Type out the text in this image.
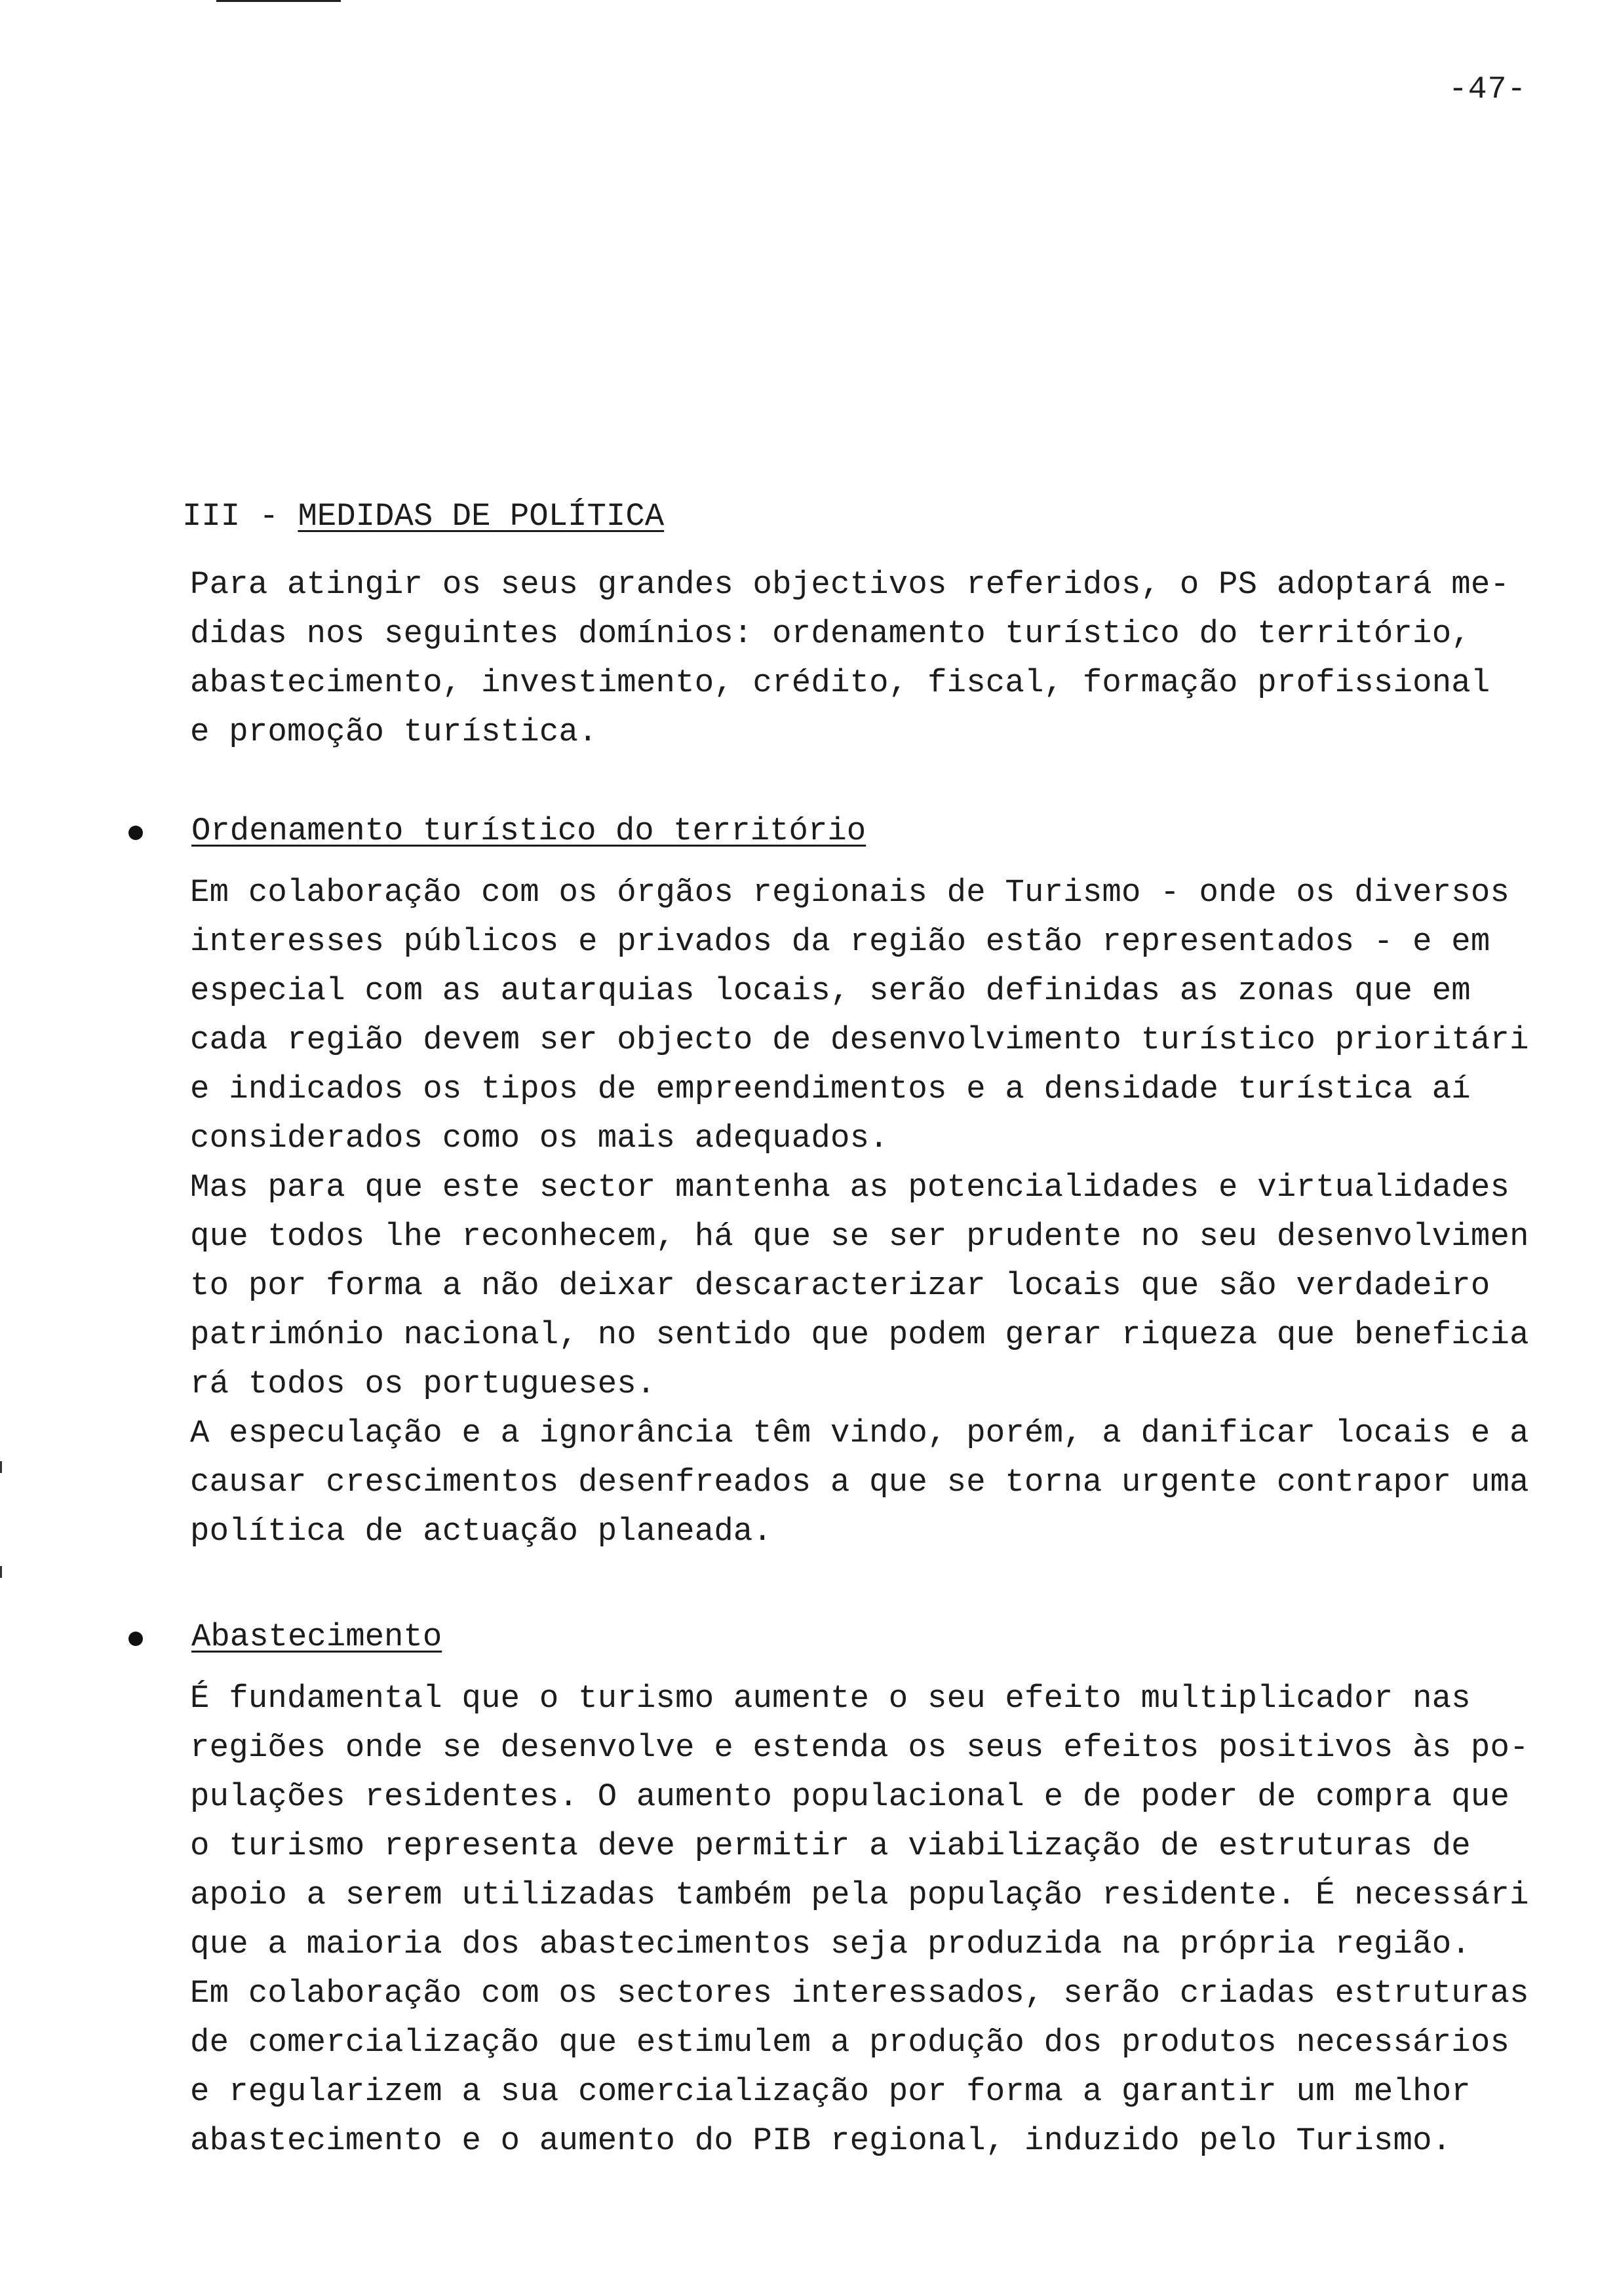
-47-
III - MEDIDAS DE POLÍTICA
Para atingir os seus grandes objectivos referidos, o PS adoptará me-
didas nos seguintes domínios: ordenamento turístico do território,
abastecimento, investimento, crédito, fiscal, formação profissional
e promoção turística.
Ordenamento turístico do território
Em colaboração com os órgãos regionais de Turismo - onde os diversos
interesses públicos e privados da região estão representados - e em
especial com as autarquias locais, serão definidas as zonas que em
cada região devem ser objecto de desenvolvimento turístico prioritári
e indicados os tipos de empreendimentos e a densidade turística aí
considerados como os mais adequados.
Mas para que este sector mantenha as potencialidades e virtualidades
que todos lhe reconhecem, há que se ser prudente no seu desenvolvimen
to por forma a não deixar descaracterizar locais que são verdadeiro
património nacional, no sentido que podem gerar riqueza que beneficia
rá todos os portugueses.
A especulação e a ignorância têm vindo, porém, a danificar locais e a
causar crescimentos desenfreados a que se torna urgente contrapor uma
política de actuação planeada.
Abastecimento
É fundamental que o turismo aumente o seu efeito multiplicador nas
regiões onde se desenvolve e estenda os seus efeitos positivos às po-
pulações residentes. O aumento populacional e de poder de compra que
o turismo representa deve permitir a viabilização de estruturas de
apoio a serem utilizadas também pela população residente. É necessári
que a maioria dos abastecimentos seja produzida na própria região.
Em colaboração com os sectores interessados, serão criadas estruturas
de comercialização que estimulem a produção dos produtos necessários
e regularizem a sua comercialização por forma a garantir um melhor
abastecimento e o aumento do PIB regional, induzido pelo Turismo.
